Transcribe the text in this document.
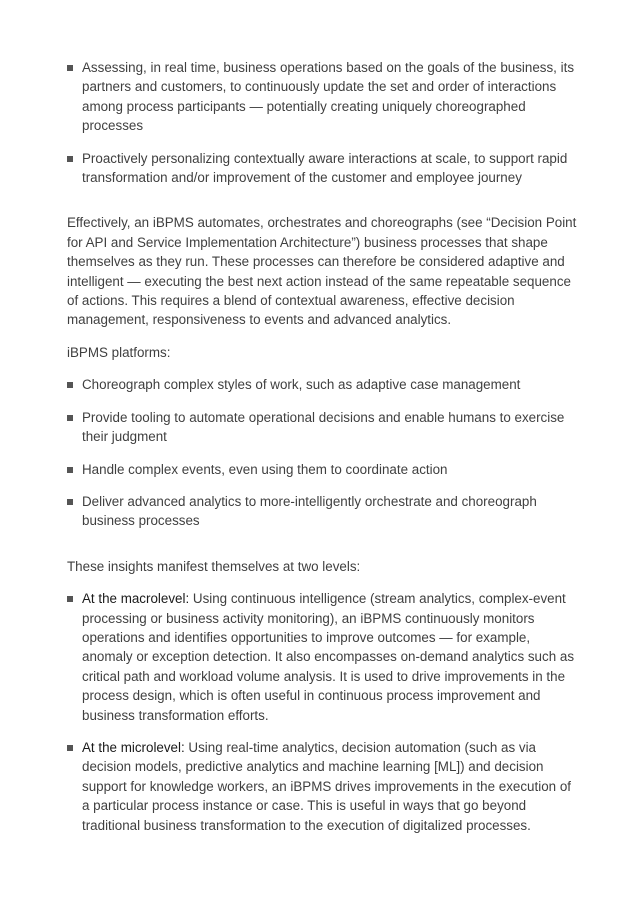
Assessing, in real time, business operations based on the goals of the business, its partners and customers, to continuously update the set and order of interactions among process participants — potentially creating uniquely choreographed processes
Proactively personalizing contextually aware interactions at scale, to support rapid transformation and/or improvement of the customer and employee journey

Effectively, an iBPMS automates, orchestrates and choreographs (see “Decision Point for API and Service Implementation Architecture”) business processes that shape themselves as they run. These processes can therefore be considered adaptive and intelligent — executing the best next action instead of the same repeatable sequence of actions. This requires a blend of contextual awareness, effective decision management, responsiveness to events and advanced analytics.

iBPMS platforms:

Choreograph complex styles of work, such as adaptive case management
Provide tooling to automate operational decisions and enable humans to exercise their judgment
Handle complex events, even using them to coordinate action
Deliver advanced analytics to more-intelligently orchestrate and choreograph business processes

These insights manifest themselves at two levels:

At the macrolevel: Using continuous intelligence (stream analytics, complex-event processing or business activity monitoring), an iBPMS continuously monitors operations and identifies opportunities to improve outcomes — for example, anomaly or exception detection. It also encompasses on-demand analytics such as critical path and workload volume analysis. It is used to drive improvements in the process design, which is often useful in continuous process improvement and business transformation efforts.
At the microlevel: Using real-time analytics, decision automation (such as via decision models, predictive analytics and machine learning [ML]) and decision support for knowledge workers, an iBPMS drives improvements in the execution of a particular process instance or case. This is useful in ways that go beyond traditional business transformation to the execution of digitalized processes.
